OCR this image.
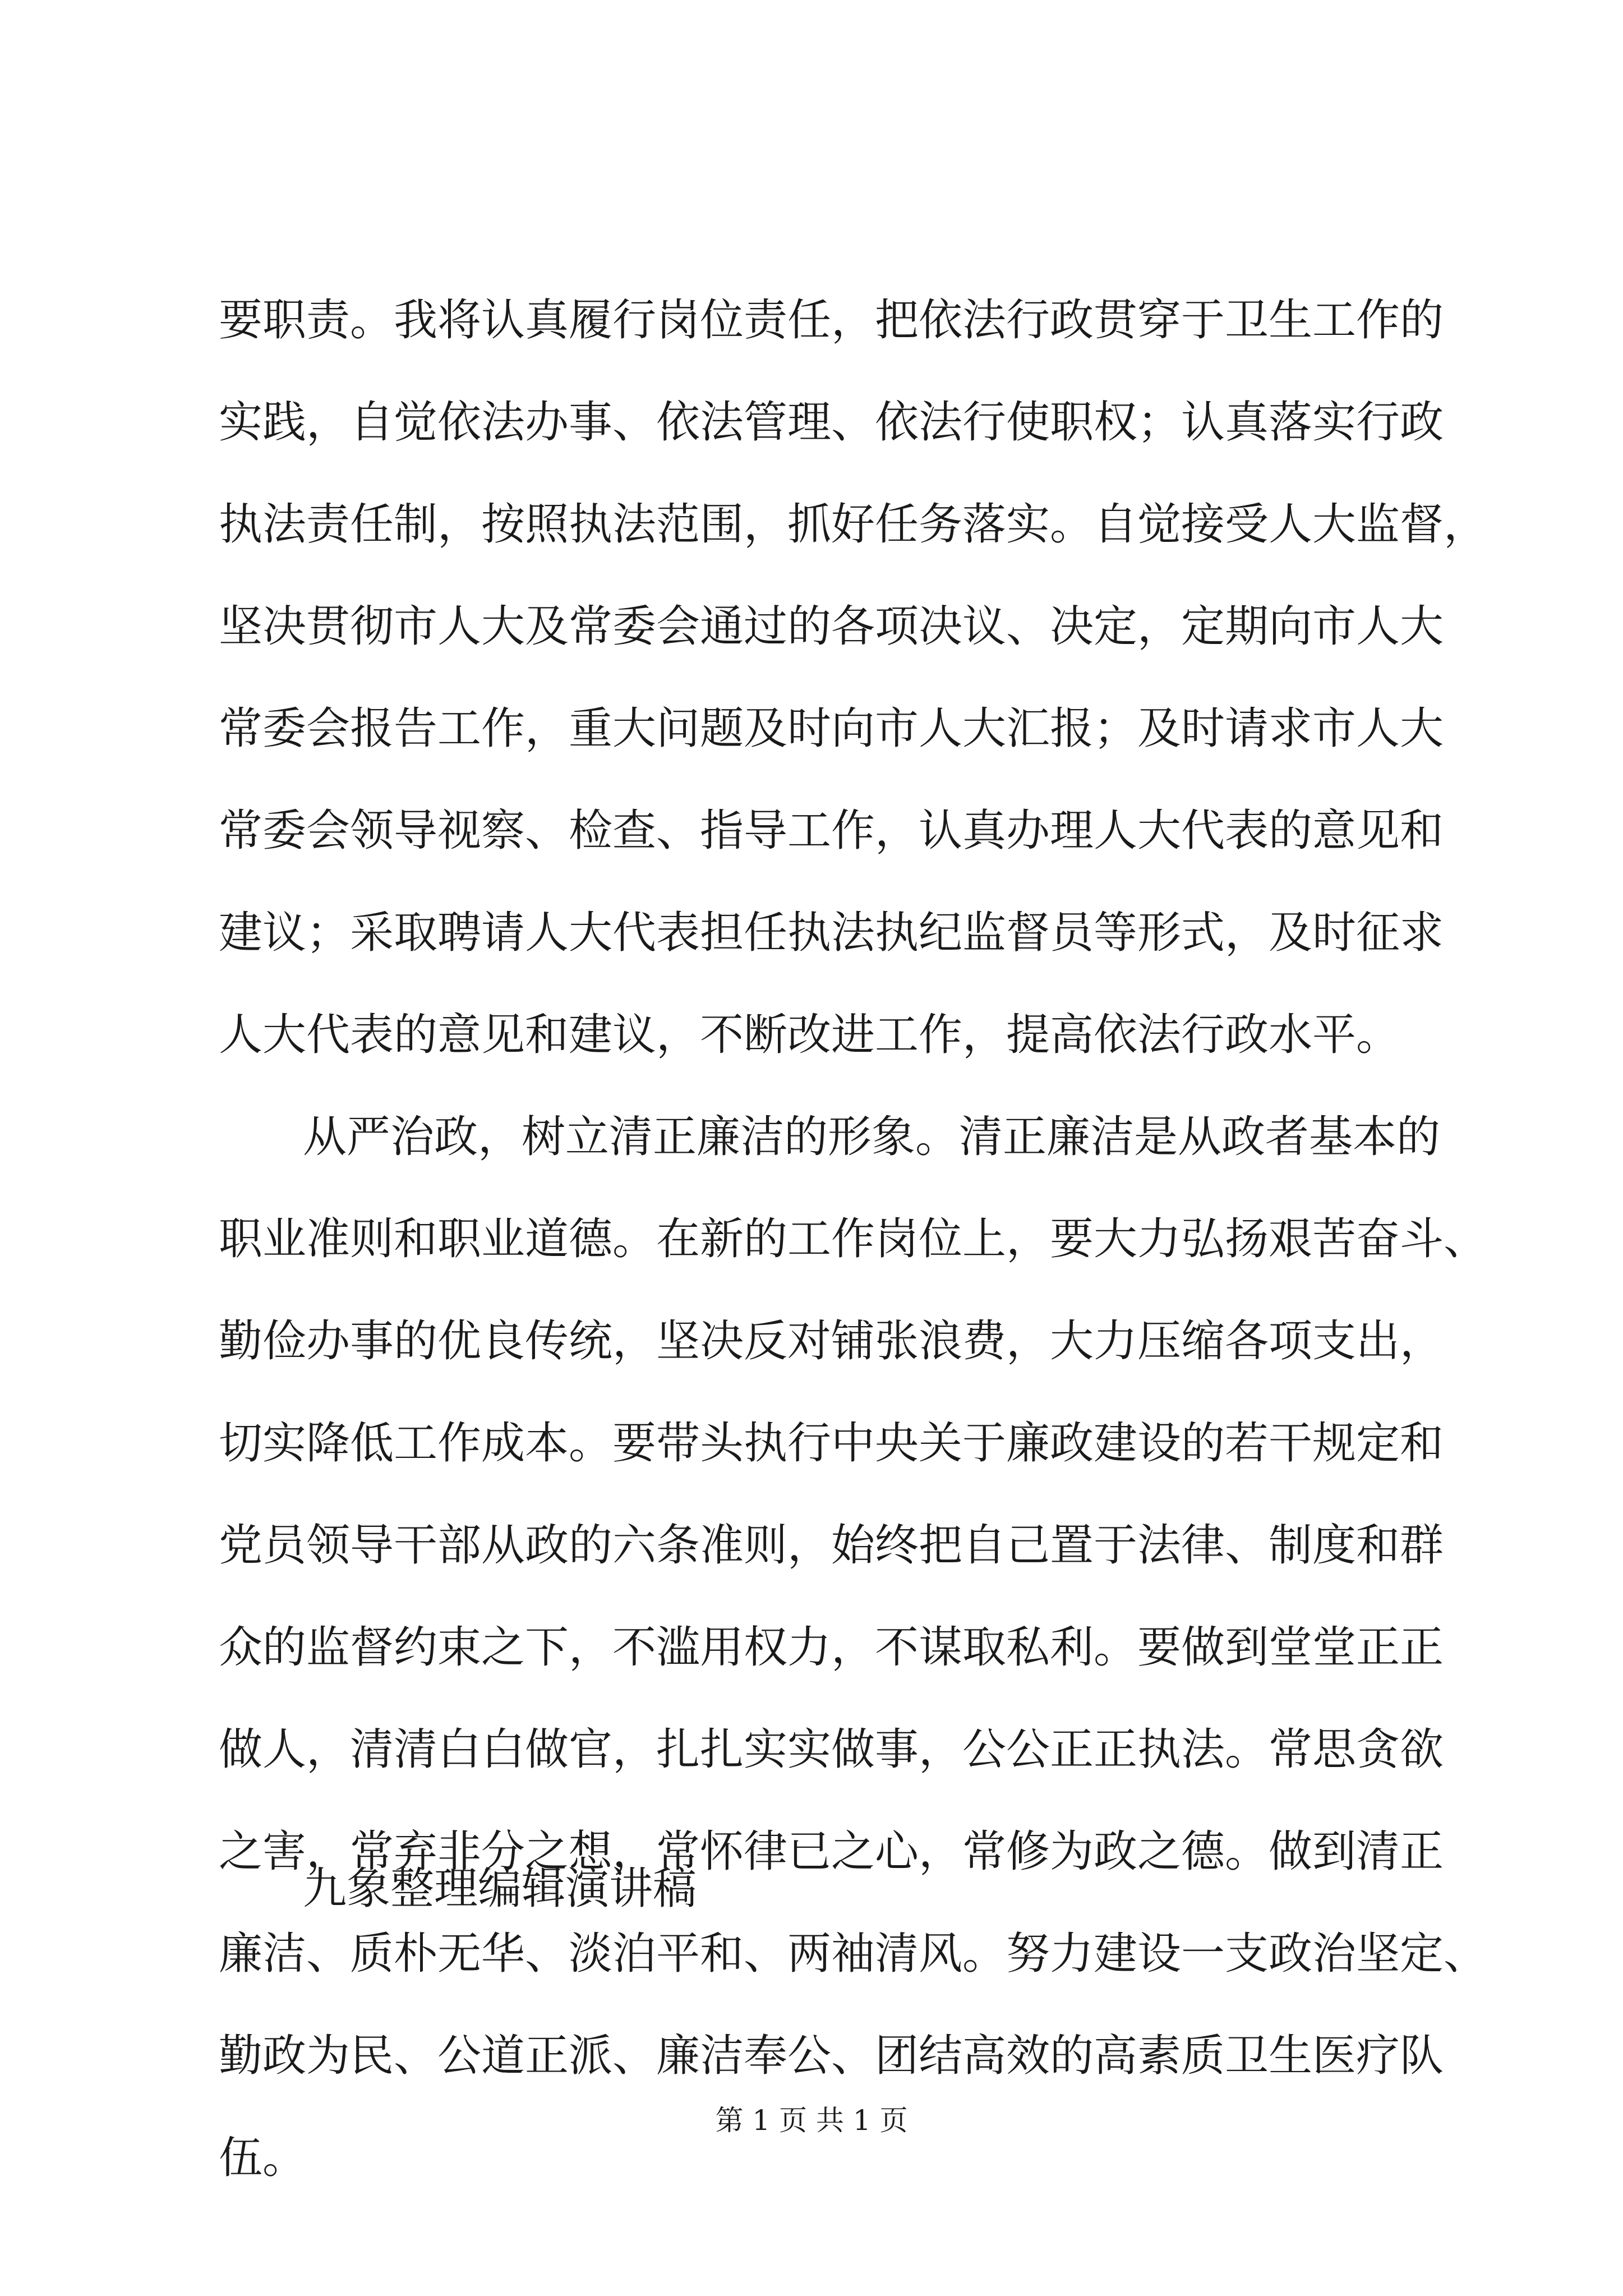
要职责。我将认真履行岗位责任，把依法行政贯穿于卫生工作的
实践，自觉依法办事、依法管理、依法行使职权；认真落实行政
执法责任制，按照执法范围，抓好任务落实。自觉接受人大监督，
坚决贯彻市人大及常委会通过的各项决议、决定，定期向市人大
常委会报告工作，重大问题及时向市人大汇报；及时请求市人大
常委会领导视察、检查、指导工作，认真办理人大代表的意见和
建议；采取聘请人大代表担任执法执纪监督员等形式，及时征求
人大代表的意见和建议，不断改进工作，提高依法行政水平。
从严治政，树立清正廉洁的形象。清正廉洁是从政者基本的
职业准则和职业道德。在新的工作岗位上，要大力弘扬艰苦奋斗、
勤俭办事的优良传统，坚决反对铺张浪费，大力压缩各项支出，
切实降低工作成本。要带头执行中央关于廉政建设的若干规定和
党员领导干部从政的六条准则，始终把自己置于法律、制度和群
众的监督约束之下，不滥用权力，不谋取私利。要做到堂堂正正
做人，清清白白做官，扎扎实实做事，公公正正执法。常思贪欲
之害，常弃非分之想，常怀律已之心，常修为政之德。做到清正
廉洁、质朴无华、淡泊平和、两袖清风。努力建设一支政治坚定、
勤政为民、公道正派、廉洁奉公、团结高效的高素质卫生医疗队
伍。
九象整理编辑演讲稿
第 1 页 共 1 页
